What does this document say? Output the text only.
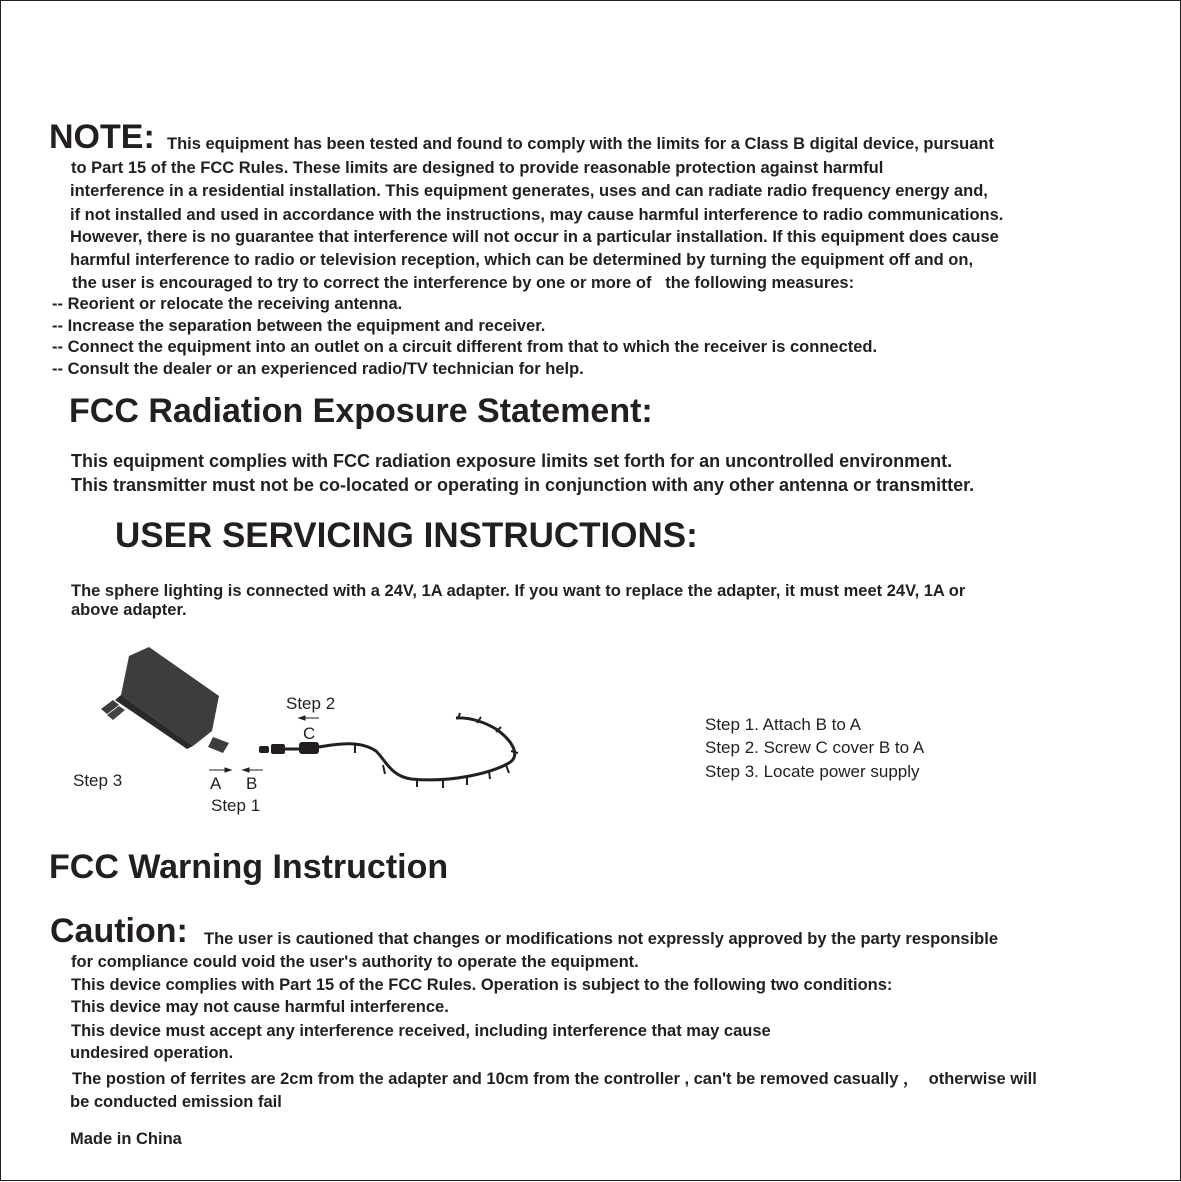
NOTE: This equipment has been tested and found to comply with the limits for a Class B digital device, pursuant
to Part 15 of the FCC Rules. These limits are designed to provide reasonable protection against harmful
interference in a residential installation. This equipment generates, uses and can radiate radio frequency energy and,
if not installed and used in accordance with the instructions, may cause harmful interference to radio communications.
However, there is no guarantee that interference will not occur in a particular installation. If this equipment does cause
harmful interference to radio or television reception, which can be determined by turning the equipment off and on,
the user is encouraged to try to correct the interference by one or more of   the following measures:
-- Reorient or relocate the receiving antenna.
-- Increase the separation between the equipment and receiver.
-- Connect the equipment into an outlet on a circuit different from that to which the receiver is connected.
-- Consult the dealer or an experienced radio/TV technician for help.
FCC Radiation Exposure Statement:
This equipment complies with FCC radiation exposure limits set forth for an uncontrolled environment.
This transmitter must not be co-located or operating in conjunction with any other antenna or transmitter.
USER SERVICING INSTRUCTIONS:
The sphere lighting is connected with a 24V, 1A adapter. If you want to replace the adapter, it must meet 24V, 1A or
above adapter.
Step 2
C
Step 3	A B
Step 1
Step 1. Attach B to A
Step 2. Screw C cover B to A
Step 3. Locate power supply
FCC Warning Instruction
Caution: The user is cautioned that changes or modifications not expressly approved by the party responsible
for compliance could void the user's authority to operate the equipment.
This device complies with Part 15 of the FCC Rules. Operation is subject to the following two conditions:
This device may not cause harmful interference.
This device must accept any interference received, including interference that may cause
undesired operation.
The postion of ferrites are 2cm from the adapter and 10cm from the controller , can't be removed casually ，  otherwise will
be conducted emission fail
Made in China
